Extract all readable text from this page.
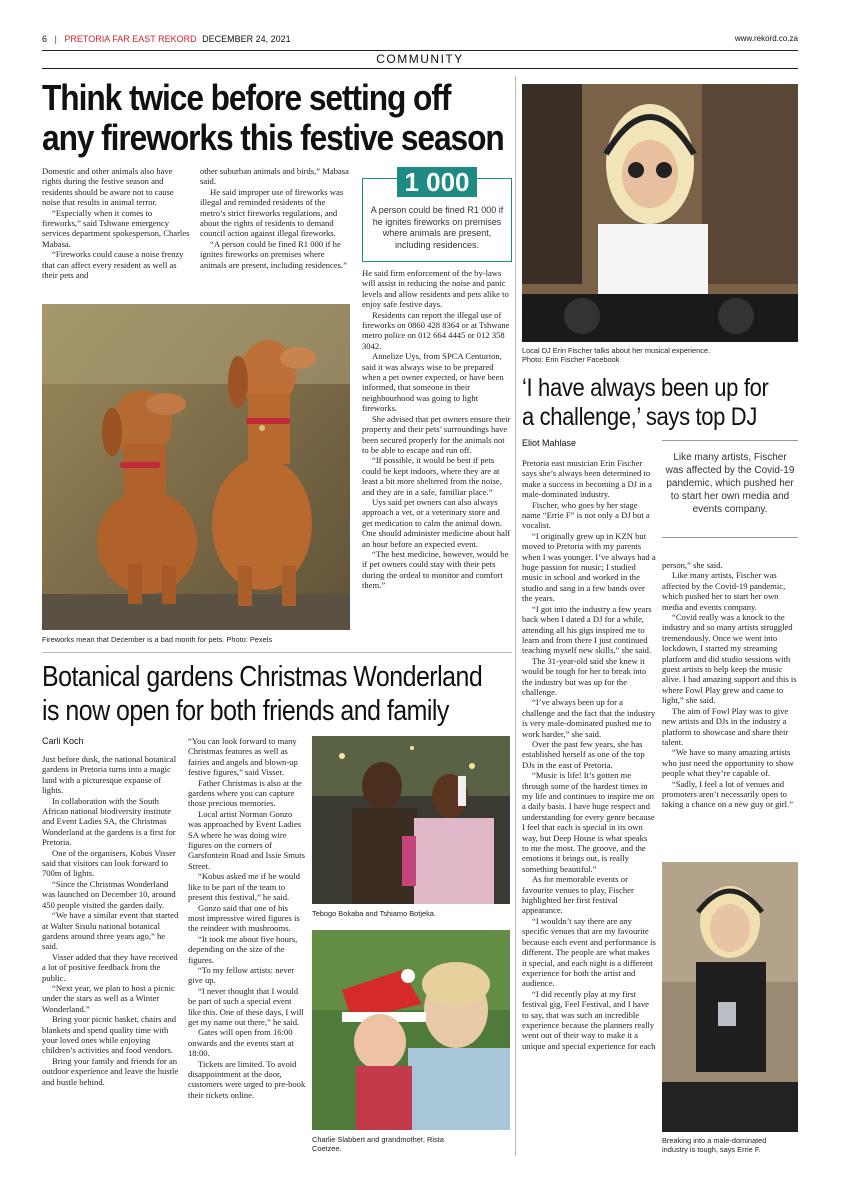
6 | PRETORIA FAR EAST REKORD DECEMBER 24, 2021	www.rekord.co.za
COMMUNITY
Think twice before setting off
any fireworks this festive season

Domestic and other animals also have rights during the festive season and residents should be aware not to cause noise that results in animal terror.

“Especially when it comes to fireworks,” said Tshwane emergency services department spokesperson, Charles Mabasa.

“Fireworks could cause a noise frenzy that can affect every resident as well as their pets and

other suburban animals and birds,” Mabasa said.

He said improper use of fireworks was illegal and reminded residents of the metro’s strict fireworks regulations, and about the rights of residents to demand council action against illegal fireworks.

“A person could be fined R1 000 if he ignites fireworks on premises where animals are present, including residences.”

1 000
A person could be fined R1 000 if he ignites fireworks on premises where animals are present, including residences.

He said firm enforcement of the by-laws will assist in reducing the noise and panic levels and allow residents and pets alike to enjoy safe festive days.

Residents can report the illegal use of fireworks on 0860 428 8364 or at Tshwane metro police on 012 664 4445 or 012 358 3042.

Annelize Uys, from SPCA Centurion, said it was always wise to be prepared when a pet owner expected, or have been informed, that someone in their neighbourhood was going to light fireworks.

She advised that pet owners ensure their property and their pets’ surroundings have been secured properly for the animals not to be able to escape and run off.

“If possible, it would be best if pets could be kept indoors, where they are at least a bit more sheltered from the noise, and they are in a safe, familiar place.”

Uys said pet owners can also always approach a vet, or a veterinary store and get medication to calm the animal down. One should administer medicine about half an hour before an expected event.

“The best medicine, however, would be if pet owners could stay with their pets during the ordeal to monitor and comfort them.”

Fireworks mean that December is a bad month for pets. Photo: Pexels
Botanical gardens Christmas Wonderland
is now open for both friends and family
Carli Koch

Just before dusk, the national botanical gardens in Pretoria turns into a magic land with a picturesque expanse of lights.

In collaboration with the South African national biodiversity institute and Event Ladies SA, the Christmas Wonderland at the gardens is a first for Pretoria.

One of the organisers, Kobus Visser said that visitors can look forward to 700m of lights.

“Since the Christmas Wonderland was launched on December 10, around 450 people visited the garden daily.

“We have a similar event that started at Walter Sisulu national botanical gardens around three years ago,” he said.

Visser added that they have received a lot of positive feedback from the public.

“Next year, we plan to host a picnic under the stars as well as a Winter Wonderland.”

Bring your picnic basket, chairs and blankets and spend quality time with your loved ones while enjoying children’s activities and food vendors.

Bring your family and friends for an outdoor experience and leave the hustle and bustle behind.

“You can look forward to many Christmas features as well as fairies and angels and blown-up festive figures,” said Visser.

Father Christmas is also at the gardens where you can capture those precious memories.

Local artist Norman Gonzo was approached by Event Ladies SA where he was doing wire figures on the corners of Garsfontein Road and Issie Smuts Street.

“Kobus asked me if he would like to be part of the team to present this festival,” he said.

Gonzo said that one of his most impressive wired figures is the reindeer with mushrooms.

“It took me about five hours, depending on the size of the figures.

“To my fellow artists: never give up.

“I never thought that I would be part of such a special event like this. One of these days, I will get my name out there,” he said.

Gates will open from 16:00 onwards and the events start at 18:00.

Tickets are limited. To avoid disappointment at the door, customers were urged to pre-book their tickets online.

Tebogo Bokaba and Tshiamo Botjeka.
Charlie Slabbert and grandmother, Rista
Coetzee.
Local DJ Erin Fischer talks about her musical experience.
Photo: Erin Fischer Facebook
‘I have always been up for
a challenge,’ says top DJ
Eliot Mahlase
Like many artists, Fischer was affected by the Covid-19 pandemic, which pushed her to start her own media and events company.

Pretoria east musician Erin Fischer says she’s always been determined to make a success in becoming a DJ in a male-dominated industry.

Fischer, who goes by her stage name “Errie F” is not only a DJ but a vocalist.

“I originally grew up in KZN but moved to Pretoria with my parents when I was younger. I’ve always had a huge passion for music; I studied music in school and worked in the studio and sang in a few bands over the years.

“I got into the industry a few years back when I dated a DJ for a while, attending all his gigs inspired me to learn and from there I just continued teaching myself new skills,” she said.

The 31-year-old said she knew it would be tough for her to break into the industry but was up for the challenge.

“I’ve always been up for a challenge and the fact that the industry is very male-dominated pushed me to work harder,” she said.

Over the past few years, she has established herself as one of the top DJs in the east of Pretoria.

“Music is life! It’s gotten me through some of the hardest times in my life and continues to inspire me on a daily basis. I have huge respect and understanding for every genre because I feel that each is special in its own way, but Deep House is what speaks to me the most. The groove, and the emotions it brings out, is really something beautiful.”

As for memorable events or favourite venues to play, Fischer highlighted her first festival appearance.

“I wouldn’t say there are any specific venues that are my favourite because each event and performance is different. The people are what makes it special, and each night is a different experience for both the artist and audience.

“I did recently play at my first festival gig, Feel Festival, and I have to say, that was such an incredible experience because the planners really went out of their way to make it a unique and special experience for each

person,” she said.

Like many artists, Fischer was affected by the Covid-19 pandemic, which pushed her to start her own media and events company.

“Covid really was a knock to the industry and so many artists struggled tremendously. Once we went into lockdown, I started my streaming platform and did studio sessions with guest artists to help keep the music alive. I had amazing support and this is where Fowl Play grew and came to light,” she said.

The aim of Fowl Play was to give new artists and DJs in the industry a platform to showcase and share their talent.

“We have so many amazing artists who just need the opportunity to show people what they’re capable of.

“Sadly, I feel a lot of venues and promoters aren’t necessarily open to taking a chance on a new guy or girl.”

Breaking into a male-dominated
industry is tough, says Errie F.
